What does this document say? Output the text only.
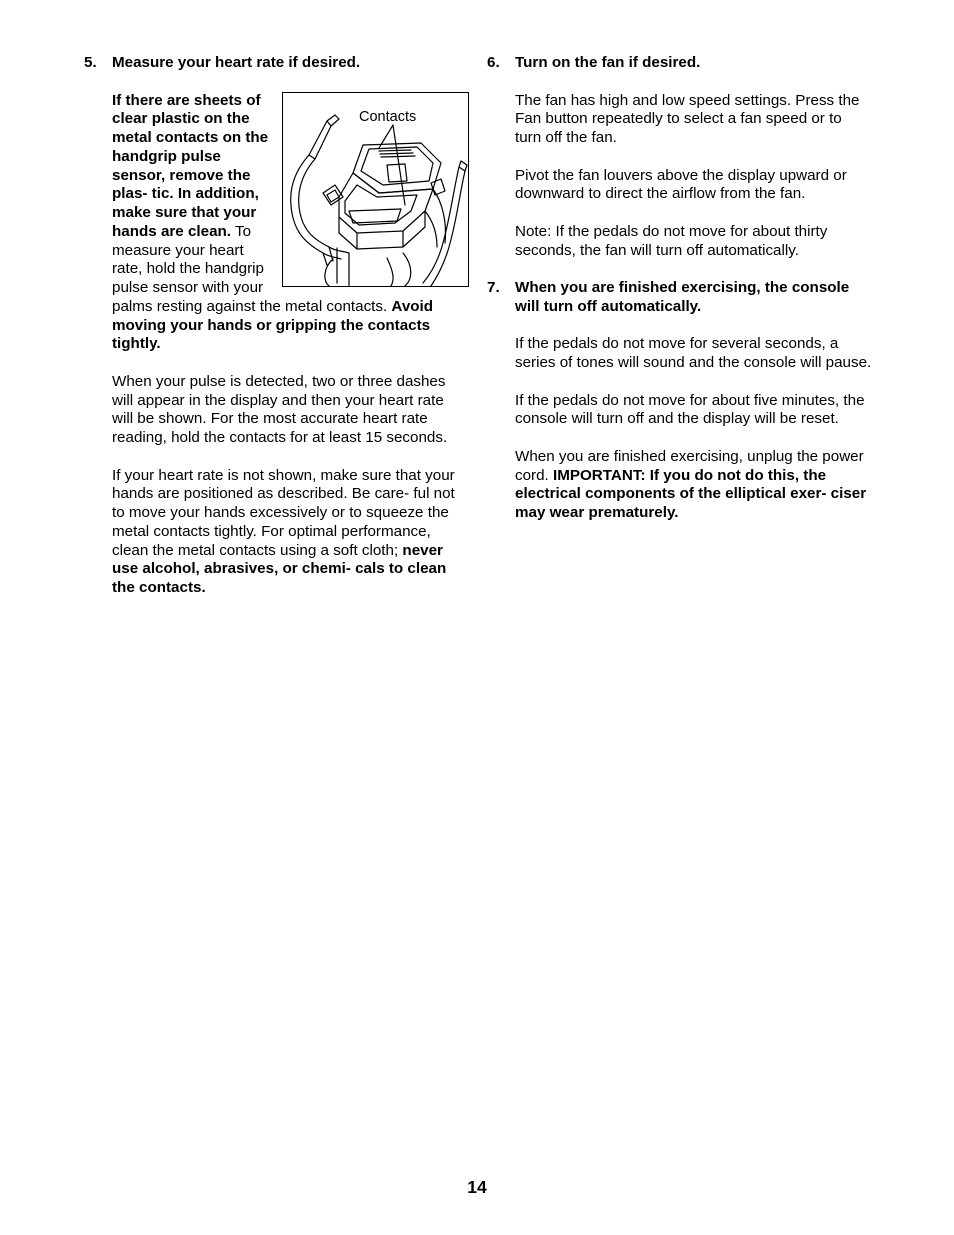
5.	Measure your heart rate if desired.
Contacts
If there are sheets of clear plastic on the metal contacts on the handgrip pulse sensor, remove the plas- tic. In addition, make sure that your hands are clean. To measure your heart rate, hold the handgrip pulse sensor with your palms resting against the metal contacts. Avoid moving your hands or gripping the contacts tightly.

When your pulse is detected, two or three dashes will appear in the display and then your heart rate will be shown. For the most accurate heart rate reading, hold the contacts for at least 15 seconds.

If your heart rate is not shown, make sure that your hands are positioned as described. Be care- ful not to move your hands excessively or to squeeze the metal contacts tightly. For optimal performance, clean the metal contacts using a soft cloth; never use alcohol, abrasives, or chemi- cals to clean the contacts.

6.	Turn on the fan if desired.

The fan has high and low speed settings. Press the Fan button repeatedly to select a fan speed or to turn off the fan.

Pivot the fan louvers above the display upward or downward to direct the airflow from the fan.

Note: If the pedals do not move for about thirty seconds, the fan will turn off automatically.

7.	When you are finished exercising, the console will turn off automatically.

If the pedals do not move for several seconds, a series of tones will sound and the console will pause.

If the pedals do not move for about five minutes, the console will turn off and the display will be reset.

When you are finished exercising, unplug the power cord. IMPORTANT: If you do not do this, the electrical components of the elliptical exer- ciser may wear prematurely.

14
